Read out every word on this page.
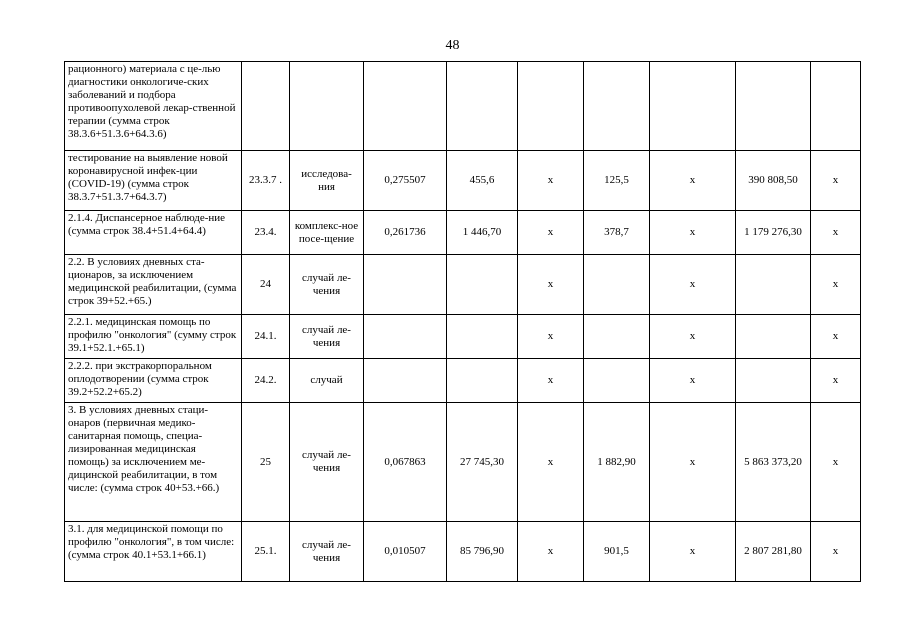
48
рационного) материала с це-лью диагностики онкологиче-ских заболеваний и подбора противоопухолевой лекар-ственной терапии (сумма строк 38.3.6+51.3.6+64.3.6)									
тестирование на выявление новой коронавирусной инфек-ции (COVID-19) (сумма строк 38.3.7+51.3.7+64.3.7)	23.3.7 .	исследова-ния	0,275507	455,6	х	125,5	х	390 808,50	х
2.1.4. Диспансерное наблюде-ние (сумма строк 38.4+51.4+64.4)	23.4.	комплекс-ное посе-щение	0,261736	1 446,70	х	378,7	х	1 179 276,30	х
2.2. В условиях дневных ста-ционаров, за исключением медицинской реабилитации, (сумма строк 39+52.+65.)	24	случай ле-чения			х		х		х
2.2.1. медицинская помощь по профилю "онкология" (сумму строк 39.1+52.1.+65.1)	24.1.	случай ле-чения			х		х		х
2.2.2. при экстракорпоральном оплодотворении (сумма строк 39.2+52.2+65.2)	24.2.	случай			х		х		х
3. В условиях дневных стаци-онаров (первичная медико-санитарная помощь, специа-лизированная медицинская помощь) за исключением ме-дицинской реабилитации, в том числе: (сумма строк 40+53.+66.)	25	случай ле-чения	0,067863	27 745,30	х	1 882,90	х	5 863 373,20	х
3.1. для медицинской помощи по профилю "онкология", в том числе: (сумма строк 40.1+53.1+66.1)	25.1.	случай ле-чения	0,010507	85 796,90	х	901,5	х	2 807 281,80	х
